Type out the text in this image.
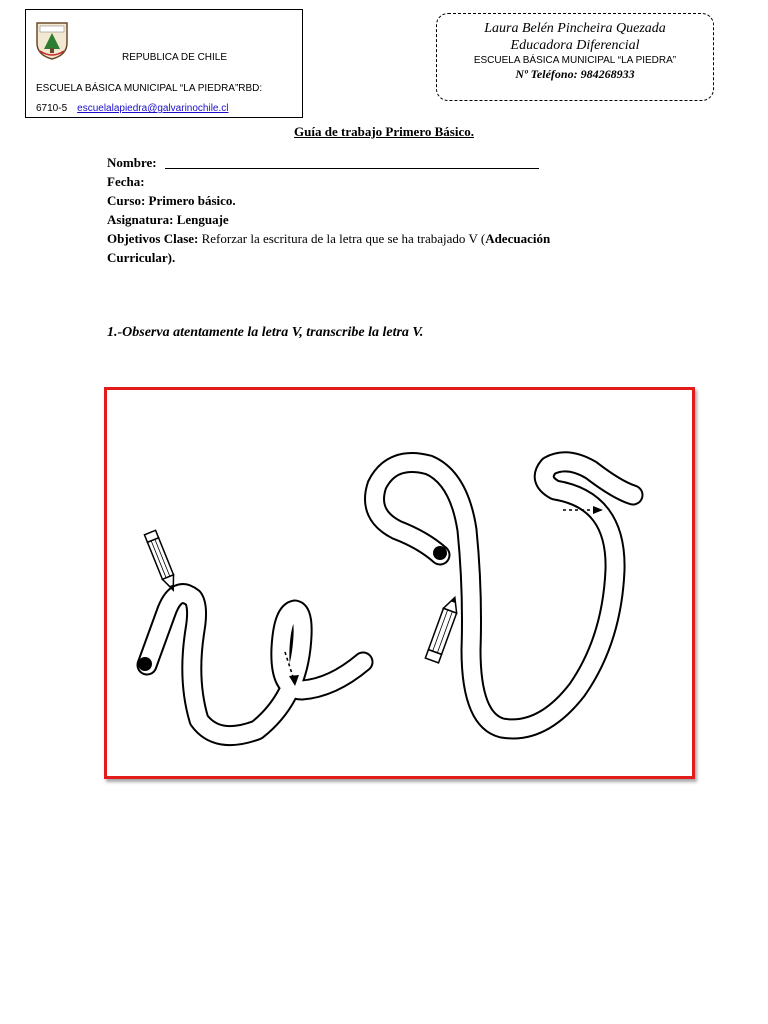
REPUBLICA DE CHILE
ESCUELA BÁSICA MUNICIPAL “LA PIEDRA”RBD:
6710-5 escuelalapiedra@galvarinochile.cl
Laura Belén Pincheira Quezada
Educadora Diferencial
ESCUELA BÁSICA MUNICIPAL “LA PIEDRA”
Nº Teléfono: 984268933
Guía de trabajo Primero Básico.
Nombre:
Fecha:
Curso: Primero básico.
Asignatura: Lenguaje
Objetivos Clase: Reforzar la escritura de la letra que se ha trabajado V (Adecuación
Curricular).
1.-Observa atentamente la letra V, transcribe la letra V.
